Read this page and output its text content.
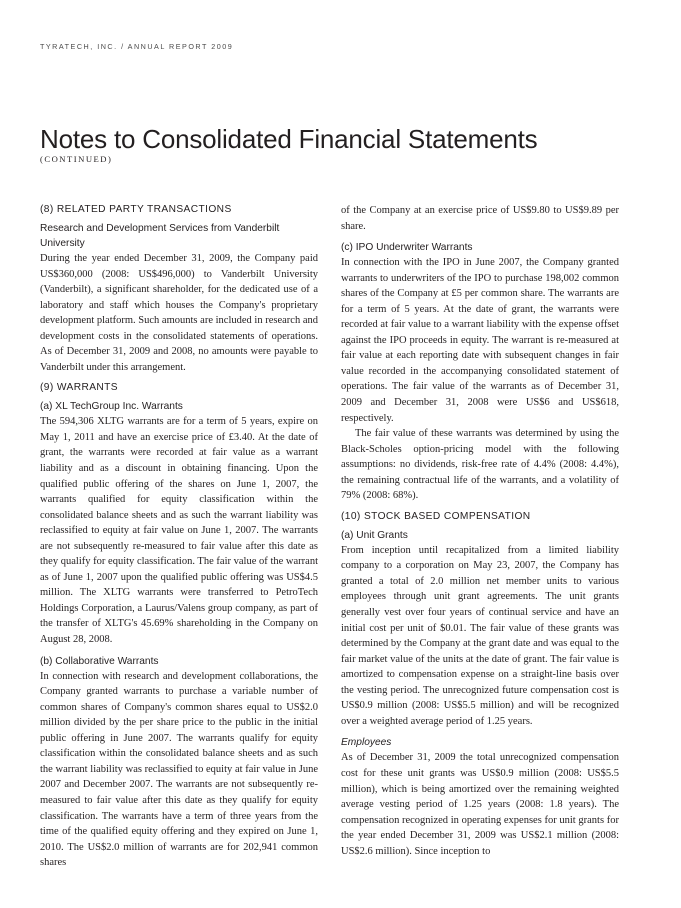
TYRATECH, INC. / ANNUAL REPORT 2009
Notes to Consolidated Financial Statements
(CONTINUED)
(8) RELATED PARTY TRANSACTIONS
Research and Development Services from Vanderbilt University

During the year ended December 31, 2009, the Company paid US$360,000 (2008: US$496,000) to Vanderbilt University (Vanderbilt), a significant shareholder, for the dedicated use of a laboratory and staff which houses the Company's proprietary development platform. Such amounts are included in research and development costs in the consolidated statements of operations. As of December 31, 2009 and 2008, no amounts were payable to Vanderbilt under this arrangement.

(9) WARRANTS
(a) XL TechGroup Inc. Warrants

The 594,306 XLTG warrants are for a term of 5 years, expire on May 1, 2011 and have an exercise price of £3.40. At the date of grant, the warrants were recorded at fair value as a warrant liability and as a discount in obtaining financing. Upon the qualified public offering of the shares on June 1, 2007, the warrants qualified for equity classification within the consolidated balance sheets and as such the warrant liability was reclassified to equity at fair value on June 1, 2007. The warrants are not subsequently re-measured to fair value after this date as they qualify for equity classification. The fair value of the warrant as of June 1, 2007 upon the qualified public offering was US$4.5 million. The XLTG warrants were transferred to PetroTech Holdings Corporation, a Laurus/Valens group company, as part of the transfer of XLTG's 45.69% shareholding in the Company on August 28, 2008.

(b) Collaborative Warrants

In connection with research and development collaborations, the Company granted warrants to purchase a variable number of common shares of Company's common shares equal to US$2.0 million divided by the per share price to the public in the initial public offering in June 2007. The warrants qualify for equity classification within the consolidated balance sheets and as such the warrant liability was reclassified to equity at fair value in June 2007 and December 2007. The warrants are not subsequently re-measured to fair value after this date as they qualify for equity classification. The warrants have a term of three years from the time of the qualified equity offering and they expired on June 1, 2010. The US$2.0 million of warrants are for 202,941 common shares

of the Company at an exercise price of US$9.80 to US$9.89 per share.

(c) IPO Underwriter Warrants

In connection with the IPO in June 2007, the Company granted warrants to underwriters of the IPO to purchase 198,002 common shares of the Company at £5 per common share. The warrants are for a term of 5 years. At the date of grant, the warrants were recorded at fair value to a warrant liability with the expense offset against the IPO proceeds in equity. The warrant is re-measured at fair value at each reporting date with subsequent changes in fair value recorded in the accompanying consolidated statement of operations. The fair value of the warrants as of December 31, 2009 and December 31, 2008 were US$6 and US$618, respectively.

The fair value of these warrants was determined by using the Black-Scholes option-pricing model with the following assumptions: no dividends, risk-free rate of 4.4% (2008: 4.4%), the remaining contractual life of the warrants, and a volatility of 79% (2008: 68%).

(10) STOCK BASED COMPENSATION
(a) Unit Grants

From inception until recapitalized from a limited liability company to a corporation on May 23, 2007, the Company has granted a total of 2.0 million net member units to various employees through unit grant agreements. The unit grants generally vest over four years of continual service and have an initial cost per unit of $0.01. The fair value of these grants was determined by the Company at the grant date and was equal to the fair market value of the units at the date of grant. The fair value is amortized to compensation expense on a straight-line basis over the vesting period. The unrecognized future compensation cost is US$0.9 million (2008: US$5.5 million) and will be recognized over a weighted average period of 1.25 years.

Employees

As of December 31, 2009 the total unrecognized compensation cost for these unit grants was US$0.9 million (2008: US$5.5 million), which is being amortized over the remaining weighted average vesting period of 1.25 years (2008: 1.8 years). The compensation recognized in operating expenses for unit grants for the year ended December 31, 2009 was US$2.1 million (2008: US$2.6 million). Since inception to
